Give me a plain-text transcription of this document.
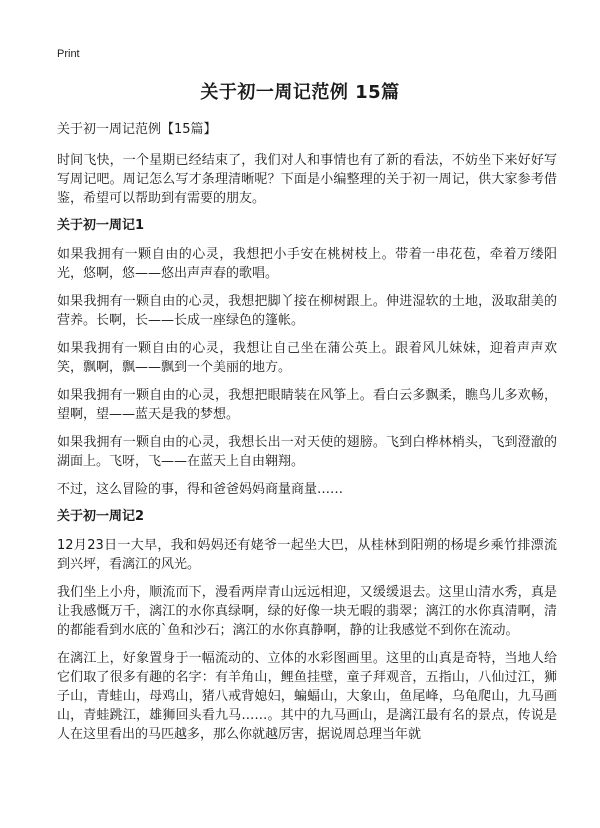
Print
关于初一周记范例 15篇

关于初一周记范例【15篇】

时间飞快，一个星期已经结束了，我们对人和事情也有了新的看法，不妨坐下来好好写写周记吧。周记怎么写才条理清晰呢？下面是小编整理的关于初一周记，供大家参考借鉴，希望可以帮助到有需要的朋友。

关于初一周记1

如果我拥有一颗自由的心灵，我想把小手安在桃树枝上。带着一串花苞，牵着万缕阳光，悠啊，悠——悠出声声春的歌唱。

如果我拥有一颗自由的心灵，我想把脚丫接在柳树跟上。伸进湿软的土地，汲取甜美的营养。长啊，长——长成一座绿色的篷帐。

如果我拥有一颗自由的心灵，我想让自己坐在蒲公英上。跟着风儿妹妹，迎着声声欢笑，飘啊，飘——飘到一个美丽的地方。

如果我拥有一颗自由的心灵，我想把眼睛装在风筝上。看白云多飘柔，瞧鸟儿多欢畅，望啊，望——蓝天是我的梦想。

如果我拥有一颗自由的心灵，我想长出一对天使的翅膀。飞到白桦林梢头，飞到澄澈的湖面上。飞呀，飞——在蓝天上自由翱翔。

不过，这么冒险的事，得和爸爸妈妈商量商量……

关于初一周记2

12月23日一大早，我和妈妈还有姥爷一起坐大巴，从桂林到阳朔的杨堤乡乘竹排漂流到兴坪，看漓江的风光。

我们坐上小舟，顺流而下，漫看两岸青山远远相迎，又缓缓退去。这里山清水秀，真是让我感慨万千，漓江的水你真绿啊，绿的好像一块无暇的翡翠；漓江的水你真清啊，清的都能看到水底的`鱼和沙石；漓江的水你真静啊，静的让我感觉不到你在流动。

在漓江上，好象置身于一幅流动的、立体的水彩图画里。这里的山真是奇特，当地人给它们取了很多有趣的名字：有羊角山，鲤鱼挂壁，童子拜观音，五指山，八仙过江，狮子山，青蛙山，母鸡山，猪八戒背媳妇，蝙蝠山，大象山，鱼尾峰，乌龟爬山，九马画山，青蛙跳江，雄狮回头看九马……。其中的九马画山，是漓江最有名的景点，传说是人在这里看出的马匹越多，那么你就越厉害，据说周总理当年就
